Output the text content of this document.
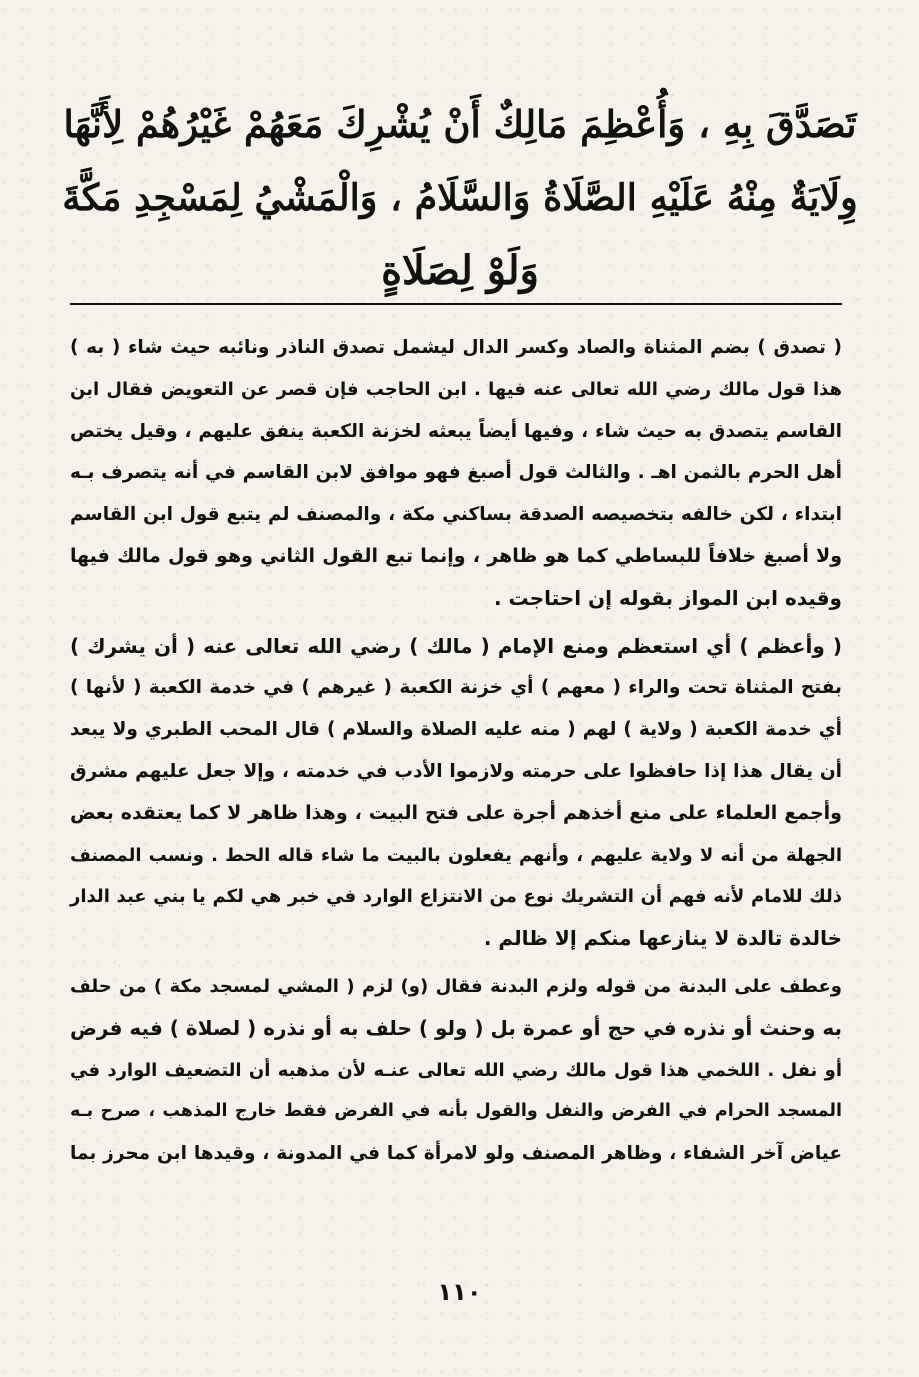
تَصَدَّقَ بِهِ ، وَأُعْظِمَ مَالِكٌ أَنْ يُشْرِكَ مَعَهُمْ غَيْرُهُمْ لِأَنَّهَا
وِلَايَةٌ مِنْهُ عَلَيْهِ الصَّلَاةُ وَالسَّلَامُ ، وَالْمَشْيُ لِمَسْجِدِ مَكَّةَ
وَلَوْ لِصَلَاةٍ
( تصدق ) بضم المثناة والصاد وكسر الدال ليشمل تصدق الناذر ونائبه حيث شاء ( به )
هذا قول مالك رضي الله تعالى عنه فيها . ابن الحاجب فإن قصر عن التعويض فقال ابن
القاسم يتصدق به حيث شاء ، وفيها أيضاً يبعثه لخزنة الكعبة ينفق عليهم ، وقيل يختص
أهل الحرم بالثمن اهـ . والثالث قول أصبغ فهو موافق لابن القاسم في أنه يتصرف بـه
ابتداء ، لكن خالفه بتخصيصه الصدقة بساكني مكة ، والمصنف لم يتبع قول ابن القاسم
ولا أصبغ خلافاً للبساطي كما هو ظاهر ، وإنما تبع القول الثاني وهو قول مالك فيها
وقيده ابن المواز بقوله إن احتاجت .
( وأعظم ) أي استعظم ومنع الإمام ( مالك ) رضي الله تعالى عنه ( أن يشرك )
بفتح المثناة تحت والراء ( معهم ) أي خزنة الكعبة ( غيرهم ) في خدمة الكعبة ( لأنها )
أي خدمة الكعبة ( ولاية ) لهم ( منه عليه الصلاة والسلام ) قال المحب الطبري ولا يبعد
أن يقال هذا إذا حافظوا على حرمته ولازموا الأدب في خدمته ، وإلا جعل عليهم مشرق
وأجمع العلماء على منع أخذهم أجرة على فتح البيت ، وهذا ظاهر لا كما يعتقده بعض
الجهلة من أنه لا ولاية عليهم ، وأنهم يفعلون بالبيت ما شاء قاله الحط . ونسب المصنف
ذلك للامام لأنه فهم أن التشريك نوع من الانتزاع الوارد في خبر هي لكم يا بني عبد الدار
خالدة تالدة لا ينازعها منكم إلا ظالم .
وعطف على البدنة من قوله ولزم البدنة فقال (و) لزم ( المشي لمسجد مكة ) من حلف
به وحنث أو نذره في حج أو عمرة بل ( ولو ) حلف به أو نذره ( لصلاة ) فيه فرض
أو نفل . اللخمي هذا قول مالك رضي الله تعالى عنـه لأن مذهبه أن التضعيف الوارد في
المسجد الحرام في الفرض والنفل والقول بأنه في الفرض فقط خارج المذهب ، صرح بـه
عياض آخر الشفاء ، وظاهر المصنف ولو لامرأة كما في المدونة ، وقيدها ابن محرز بما
١١٠
